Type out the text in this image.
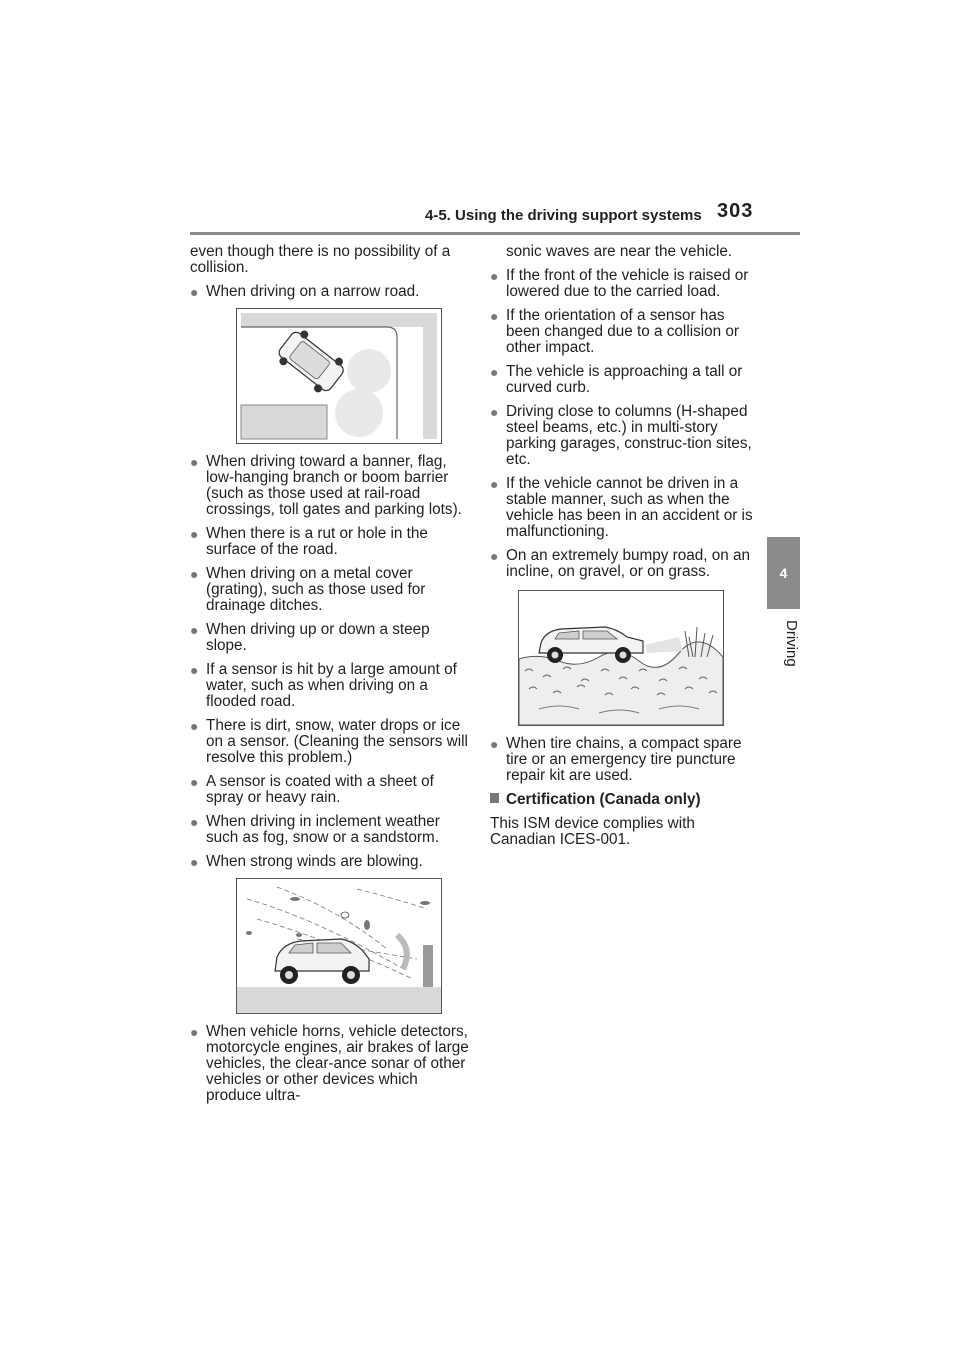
4-5. Using the driving support systems 303
4
Driving

even though there is no possibility of a collision.

● When driving on a narrow road.
● When driving toward a banner, flag, low-hanging branch or boom barrier (such as those used at rail-road crossings, toll gates and parking lots).
● When there is a rut or hole in the surface of the road.
● When driving on a metal cover (grating), such as those used for drainage ditches.
● When driving up or down a steep slope.
● If a sensor is hit by a large amount of water, such as when driving on a flooded road.
● There is dirt, snow, water drops or ice on a sensor. (Cleaning the sensors will resolve this problem.)
● A sensor is coated with a sheet of spray or heavy rain.
● When driving in inclement weather such as fog, snow or a sandstorm.
● When strong winds are blowing.
● When vehicle horns, vehicle detectors, motorcycle engines, air brakes of large vehicles, the clear-ance sonar of other vehicles or other devices which produce ultra-

sonic waves are near the vehicle.

● If the front of the vehicle is raised or lowered due to the carried load.
● If the orientation of a sensor has been changed due to a collision or other impact.
● The vehicle is approaching a tall or curved curb.
● Driving close to columns (H-shaped steel beams, etc.) in multi-story parking garages, construc-tion sites, etc.
● If the vehicle cannot be driven in a stable manner, such as when the vehicle has been in an accident or is malfunctioning.
● On an extremely bumpy road, on an incline, on gravel, or on grass.
● When tire chains, a compact spare tire or an emergency tire puncture repair kit are used.
Certification (Canada only)

This ISM device complies with Canadian ICES-001.
